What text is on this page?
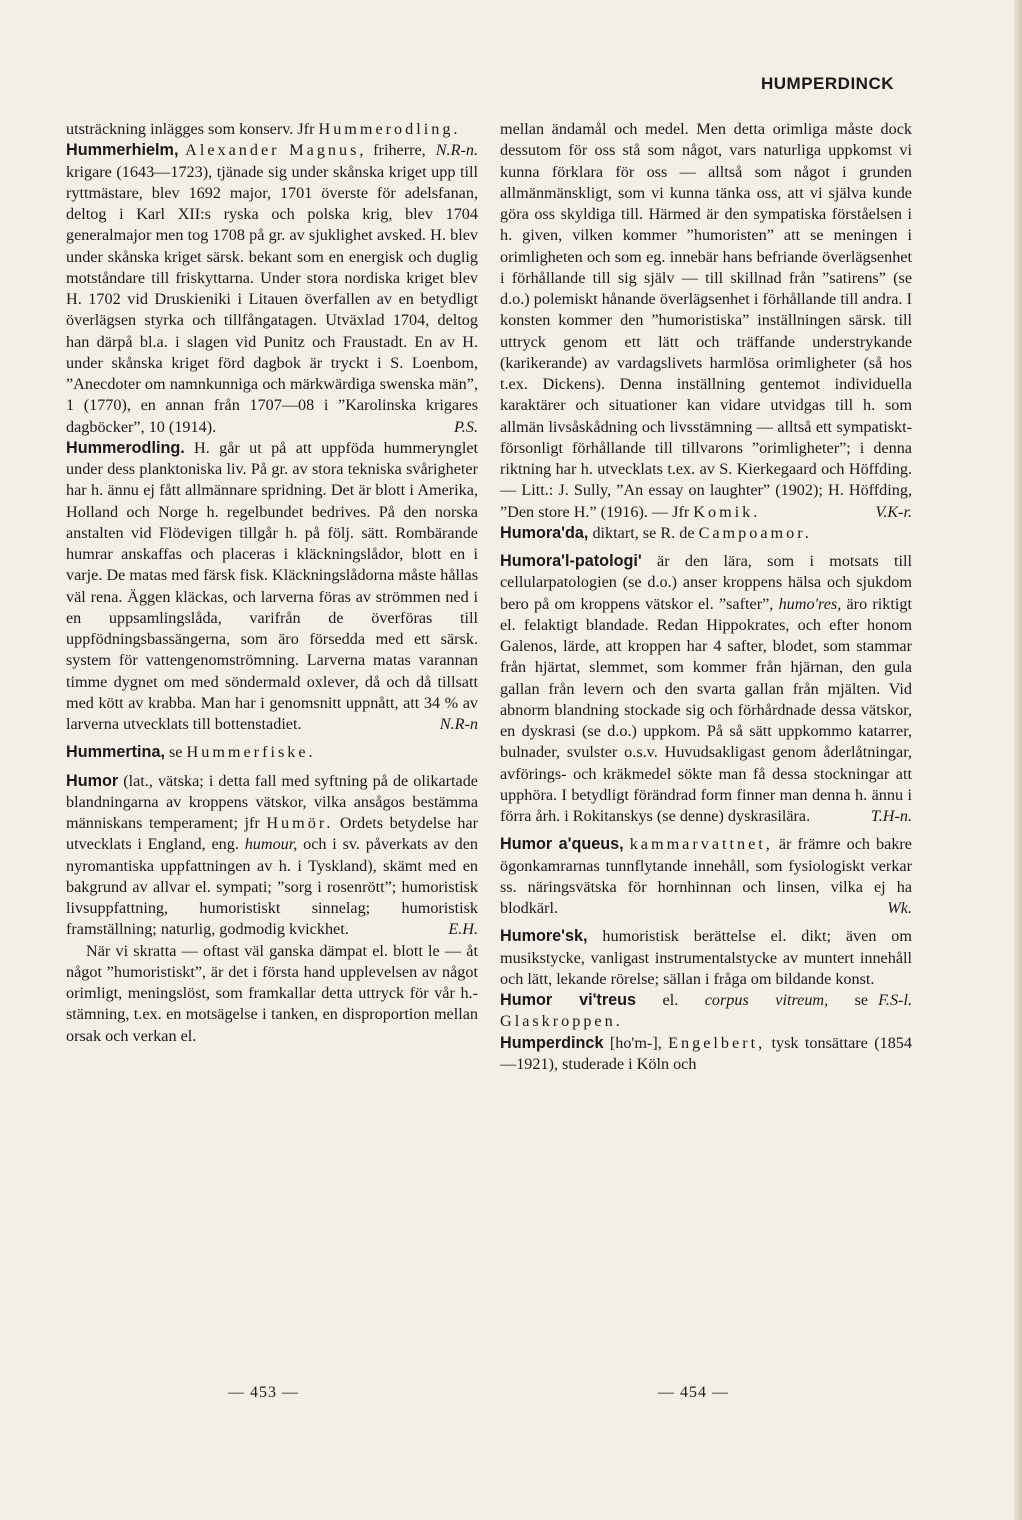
HUMPERDINCK

utsträckning inlägges som konserv. Jfr Hummerodling.
N.R-n.

Hummerhielm, Alexander Magnus, friherre, krigare (1643—1723), tjänade sig under skånska kriget upp till ryttmästare, blev 1692 major, 1701 överste för adelsfanan, deltog i Karl XII:s ryska och polska krig, blev 1704 generalmajor men tog 1708 på gr. av sjuklighet avsked. H. blev under skånska kriget särsk. bekant som en energisk och duglig motståndare till friskyttarna. Under stora nordiska kriget blev H. 1702 vid Druskieniki i Litauen överfallen av en betydligt överlägsen styrka och tillfångatagen. Utväxlad 1704, deltog han därpå bl.a. i slagen vid Punitz och Fraustadt. En av H. under skånska kriget förd dagbok är tryckt i S. Loenbom, ”Anecdoter om namnkunniga och märkwärdiga swenska män”, 1 (1770), en annan från 1707—08 i ”Karolinska krigares dagböcker”, 10 (1914).	P.S.

Hummerodling. H. går ut på att uppföda hummerynglet under dess planktoniska liv. På gr. av stora tekniska svårigheter har h. ännu ej fått allmännare spridning. Det är blott i Amerika, Holland och Norge h. regelbundet bedrives. På den norska anstalten vid Flödevigen tillgår h. på följ. sätt. Rombärande humrar anskaffas och placeras i kläckningslådor, blott en i varje. De matas med färsk fisk. Kläckningslådorna måste hållas väl rena. Äggen kläckas, och larverna föras av strömmen ned i en uppsamlingslåda, varifrån de överföras till uppfödningsbassängerna, som äro försedda med ett särsk. system för vattengenomströmning. Larverna matas varannan timme dygnet om med söndermald oxlever, då och då tillsatt med kött av krabba. Man har i genomsnitt uppnått, att 34 % av larverna utvecklats till bottenstadiet.	N.R-n

Hummertina, se Hummerfiske.

Humor (lat., vätska; i detta fall med syftning på de olikartade blandningarna av kroppens vätskor, vilka ansågos bestämma människans temperament; jfr Humör. Ordets betydelse har utvecklats i England, eng. humour, och i sv. påverkats av den nyromantiska uppfattningen av h. i Tyskland), skämt med en bakgrund av allvar el. sympati; ”sorg i rosenrött”; humoristisk livsuppfattning, humoristiskt sinnelag; humoristisk framställning; naturlig, godmodig kvickhet.	E.H.

När vi skratta — oftast väl ganska dämpat el. blott le — åt något ”humoristiskt”, är det i första hand upplevelsen av något orimligt, meningslöst, som framkallar detta uttryck för vår h.-stämning, t.ex. en motsägelse i tanken, en disproportion mellan orsak och verkan el.

mellan ändamål och medel. Men detta orimliga måste dock dessutom för oss stå som något, vars naturliga uppkomst vi kunna förklara för oss — alltså som något i grunden allmänmänskligt, som vi kunna tänka oss, att vi själva kunde göra oss skyldiga till. Härmed är den sympatiska förståelsen i h. given, vilken kommer ”humoristen” att se meningen i orimligheten och som eg. innebär hans befriande överlägsenhet i förhållande till sig själv — till skillnad från ”satirens” (se d.o.) polemiskt hånande överlägsenhet i förhållande till andra. I konsten kommer den ”humoristiska” inställningen särsk. till uttryck genom ett lätt och träffande understrykande (karikerande) av vardagslivets harmlösa orimligheter (så hos t.ex. Dickens). Denna inställning gentemot individuella karaktärer och situationer kan vidare utvidgas till h. som allmän livsåskådning och livsstämning — alltså ett sympatiskt-försonligt förhållande till tillvarons ”orimligheter”; i denna riktning har h. utvecklats t.ex. av S. Kierkegaard och Höffding. — Litt.: J. Sully, ”An essay on laughter” (1902); H. Höffding, ”Den store H.” (1916). — Jfr Komik.	V.K-r.

Humora'da, diktart, se R. de Campoamor.

Humora'l-patologi' är den lära, som i motsats till cellularpatologien (se d.o.) anser kroppens hälsa och sjukdom bero på om kroppens vätskor el. ”safter”, humo'res, äro riktigt el. felaktigt blandade. Redan Hippokrates, och efter honom Galenos, lärde, att kroppen har 4 safter, blodet, som stammar från hjärtat, slemmet, som kommer från hjärnan, den gula gallan från levern och den svarta gallan från mjälten. Vid abnorm blandning stockade sig och förhårdnade dessa vätskor, en dyskrasi (se d.o.) uppkom. På så sätt uppkommo katarrer, bulnader, svulster o.s.v. Huvudsakligast genom åderlåtningar, avförings- och kräkmedel sökte man få dessa stockningar att upphöra. I betydligt förändrad form finner man denna h. ännu i förra årh. i Rokitanskys (se denne) dyskrasilära.	T.H-n.

Humor a'queus, kammarvattnet, är främre och bakre ögonkamrarnas tunnflytande innehåll, som fysiologiskt verkar ss. näringsvätska för hornhinnan och linsen, vilka ej ha blodkärl.	Wk.

Humore'sk, humoristisk berättelse el. dikt; även om musikstycke, vanligast instrumentalstycke av muntert innehåll och lätt, lekande rörelse; sällan i fråga om bildande konst.
F.S-l.

Humor vi'treus el. corpus vitreum, se Glaskroppen.

Humperdinck [ho'm-], Engelbert, tysk tonsättare (1854—1921), studerade i Köln och

— 453 —	— 454 —
